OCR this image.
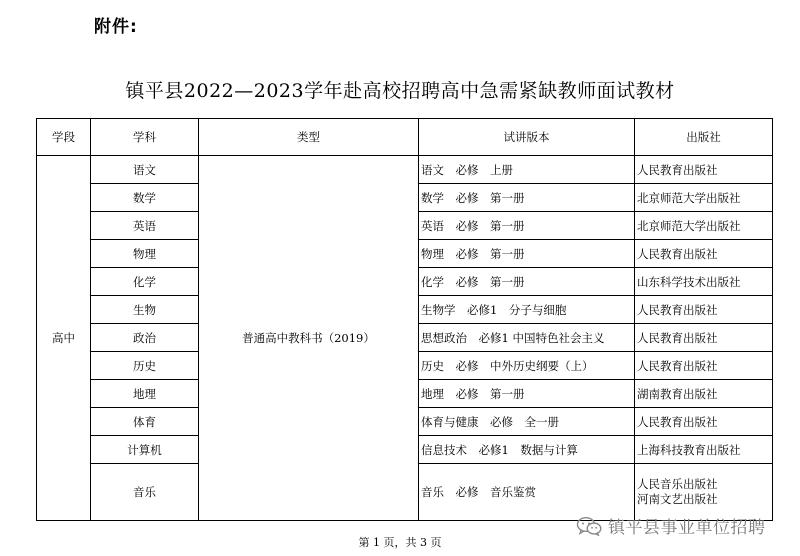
附件:
镇平县2022—2023学年赴高校招聘高中急需紧缺教师面试教材
学段	学科	类型	试讲版本	出版社
高中	语文	普通高中教科书（2019）	语文　必修　上册	人民教育出版社
	数学		数学　必修　第一册	北京师范大学出版社
	英语		英语　必修　第一册	北京师范大学出版社
	物理		物理　必修　第一册	人民教育出版社
	化学		化学　必修　第一册	山东科学技术出版社
	生物		生物学　必修1　分子与细胞	人民教育出版社
	政治		思想政治　必修1 中国特色社会主义	人民教育出版社
	历史		历史　必修　中外历史纲要（上）	人民教育出版社
	地理		地理　必修　第一册	湖南教育出版社
	体育		体育与健康　必修　全一册	人民教育出版社
	计算机		信息技术　必修1　数据与计算	上海科技教育出版社
	音乐		音乐　必修　音乐鉴赏	人民音乐出版社
河南文艺出版社
第 1 页，共 3 页
镇平县事业单位招聘
